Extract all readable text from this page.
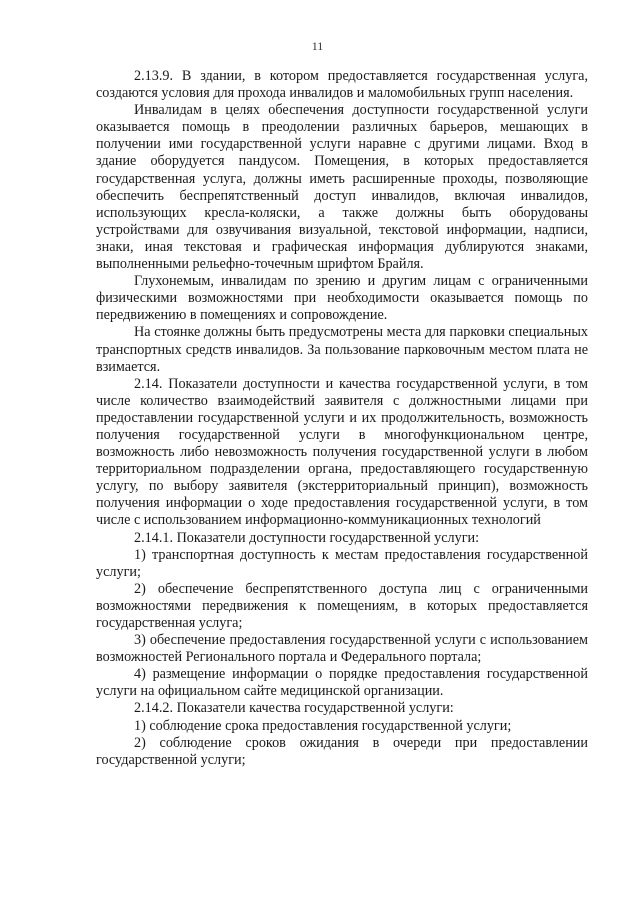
11

2.13.9. В здании, в котором предоставляется государственная услуга, создаются условия для прохода инвалидов и маломобильных групп населения.

Инвалидам в целях обеспечения доступности государственной услуги оказывается помощь в преодолении различных барьеров, мешающих в получении ими государственной услуги наравне с другими лицами. Вход в здание оборудуется пандусом. Помещения, в которых предоставляется государственная услуга, должны иметь расширенные проходы, позволяющие обеспечить беспрепятственный доступ инвалидов, включая инвалидов, использующих кресла-коляски, а также должны быть оборудованы устройствами для озвучивания визуальной, текстовой информации, надписи, знаки, иная текстовая и графическая информация дублируются знаками, выполненными рельефно-точечным шрифтом Брайля.

Глухонемым, инвалидам по зрению и другим лицам с ограниченными физическими возможностями при необходимости оказывается помощь по передвижению в помещениях и сопровождение.

На стоянке должны быть предусмотрены места для парковки специальных транспортных средств инвалидов. За пользование парковочным местом плата не взимается.

2.14. Показатели доступности и качества государственной услуги, в том числе количество взаимодействий заявителя с должностными лицами при предоставлении государственной услуги и их продолжительность, возможность получения государственной услуги в многофункциональном центре, возможность либо невозможность получения государственной услуги в любом территориальном подразделении органа, предоставляющего государственную услугу, по выбору заявителя (экстерриториальный принцип), возможность получения информации о ходе предоставления государственной услуги, в том числе с использованием информационно-коммуникационных технологий

2.14.1. Показатели доступности государственной услуги:

1) транспортная доступность к местам предоставления государственной услуги;

2) обеспечение беспрепятственного доступа лиц с ограниченными возможностями передвижения к помещениям, в которых предоставляется государственная услуга;

3) обеспечение предоставления государственной услуги с использованием возможностей Регионального портала и Федерального портала;

4) размещение информации о порядке предоставления государственной услуги на официальном сайте медицинской организации.

2.14.2. Показатели качества государственной услуги:

1) соблюдение срока предоставления государственной услуги;

2) соблюдение сроков ожидания в очереди при предоставлении государственной услуги;
